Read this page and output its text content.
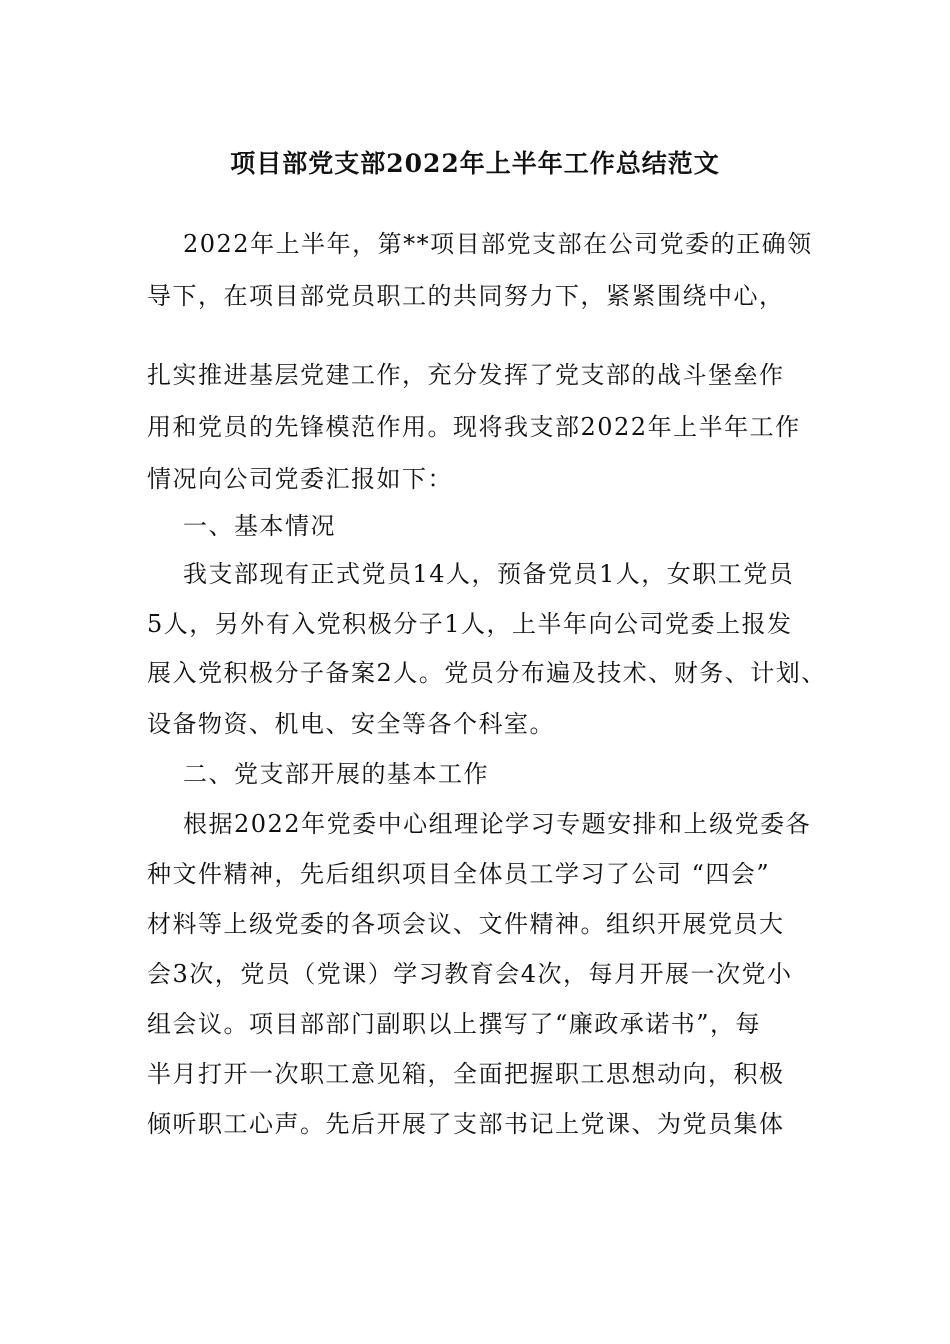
项目部党支部2022年上半年工作总结范文

2022年上半年，第**项目部党支部在公司党委的正确领

导下，在项目部党员职工的共同努力下，紧紧围绕中心，

扎实推进基层党建工作，充分发挥了党支部的战斗堡垒作

用和党员的先锋模范作用。现将我支部2022年上半年工作

情况向公司党委汇报如下：

一、基本情况

我支部现有正式党员14人，预备党员1人，女职工党员

5人，另外有入党积极分子1人，上半年向公司党委上报发

展入党积极分子备案2人。党员分布遍及技术、财务、计划、

设备物资、机电、安全等各个科室。

二、党支部开展的基本工作

根据2022年党委中心组理论学习专题安排和上级党委各

种文件精神，先后组织项目全体员工学习了公司 “四会”

材料等上级党委的各项会议、文件精神。组织开展党员大

会3次，党员（党课）学习教育会4次，每月开展一次党小

组会议。项目部部门副职以上撰写了“廉政承诺书”，每

半月打开一次职工意见箱，全面把握职工思想动向，积极

倾听职工心声。先后开展了支部书记上党课、为党员集体
